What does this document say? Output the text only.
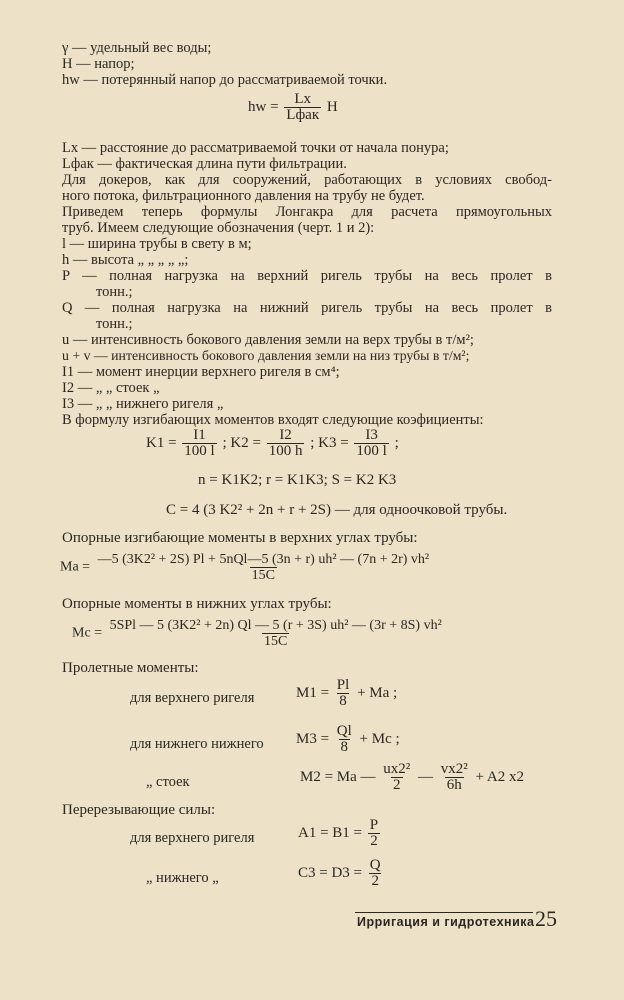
γ — удельный вес воды;
H — напор;
hw — потерянный напор до рассматриваемой точки.
hw = $\frac{Lx}{\text{Lфак}}$ H
Lx — расстояние до рассматриваемой точки от начала понура;
Lфак — фактическая длина пути фильтрации.
Для докеров, как для сооружений, работающих в условиях свобод-
ного потока, фильтрационного давления на трубу не будет.
Приведем теперь формулы Лонгакра для расчета прямоугольных
труб. Имеем следующие обозначения (черт. 1 и 2):
l — ширина трубы в свету в м;
h — высота „ „ „ „ „;
P — полная нагрузка на верхний ригель трубы на весь пролет в
тонн.;
Q — полная нагрузка на нижний ригель трубы на весь пролет в
тонн.;
u — интенсивность бокового давления земли на верх трубы в т/м²;
u + v — интенсивность бокового давления земли на низ трубы в т/м²;
I1 — момент инерции верхнего ригеля в см⁴;
I2 — „ „ стоек „
I3 — „ „ нижнего ригеля „
В формулу изгибающих моментов входят следующие коэфициенты:
$K1 = \frac{I1}{100 l}$ ; $K2 = \frac{I2}{100 h}$ ; $K3 = \frac{I3}{100 l}$ ;
n = K1K2; r = K1K3; S = K2 K3
C = 4 (3 K2² + 2n + r + 2S) — для одноочковой трубы.
Опорные изгибающие моменты в верхних углах трубы:
$Ma = \frac{\text{—5 (3K2² + 2S) Pl + 5nQl—5 (3n + r) uh² — (7n + 2r) vh²}}{15C}$
Опорные моменты в нижних углах трубы:
$Mc = \frac{\text{5SPl — 5 (3K2² + 2n) Ql — 5 (r + 3S) uh² — (3r + 8S) vh²}}{15C}$
Пролетные моменты:
для верхнего ригеля	$M1 = \frac{Pl}{8} + Ma$ ;
для нижнего нижнего $M3 = \frac{Ql}{8} + Mc$ ;
„ стоек	M2 = Ma — $\frac{\text{ux2²}}{2}$ — $\frac{\text{vx2²}}{6h} + A2$ x2
Перерезывающие силы:
для верхнего ригеля	$A1 = B1 = \frac{P}{2}$
„ нижнего „	$C3 = D3 = \frac{Q}{2}$
Ирригация и гидротехника 25
